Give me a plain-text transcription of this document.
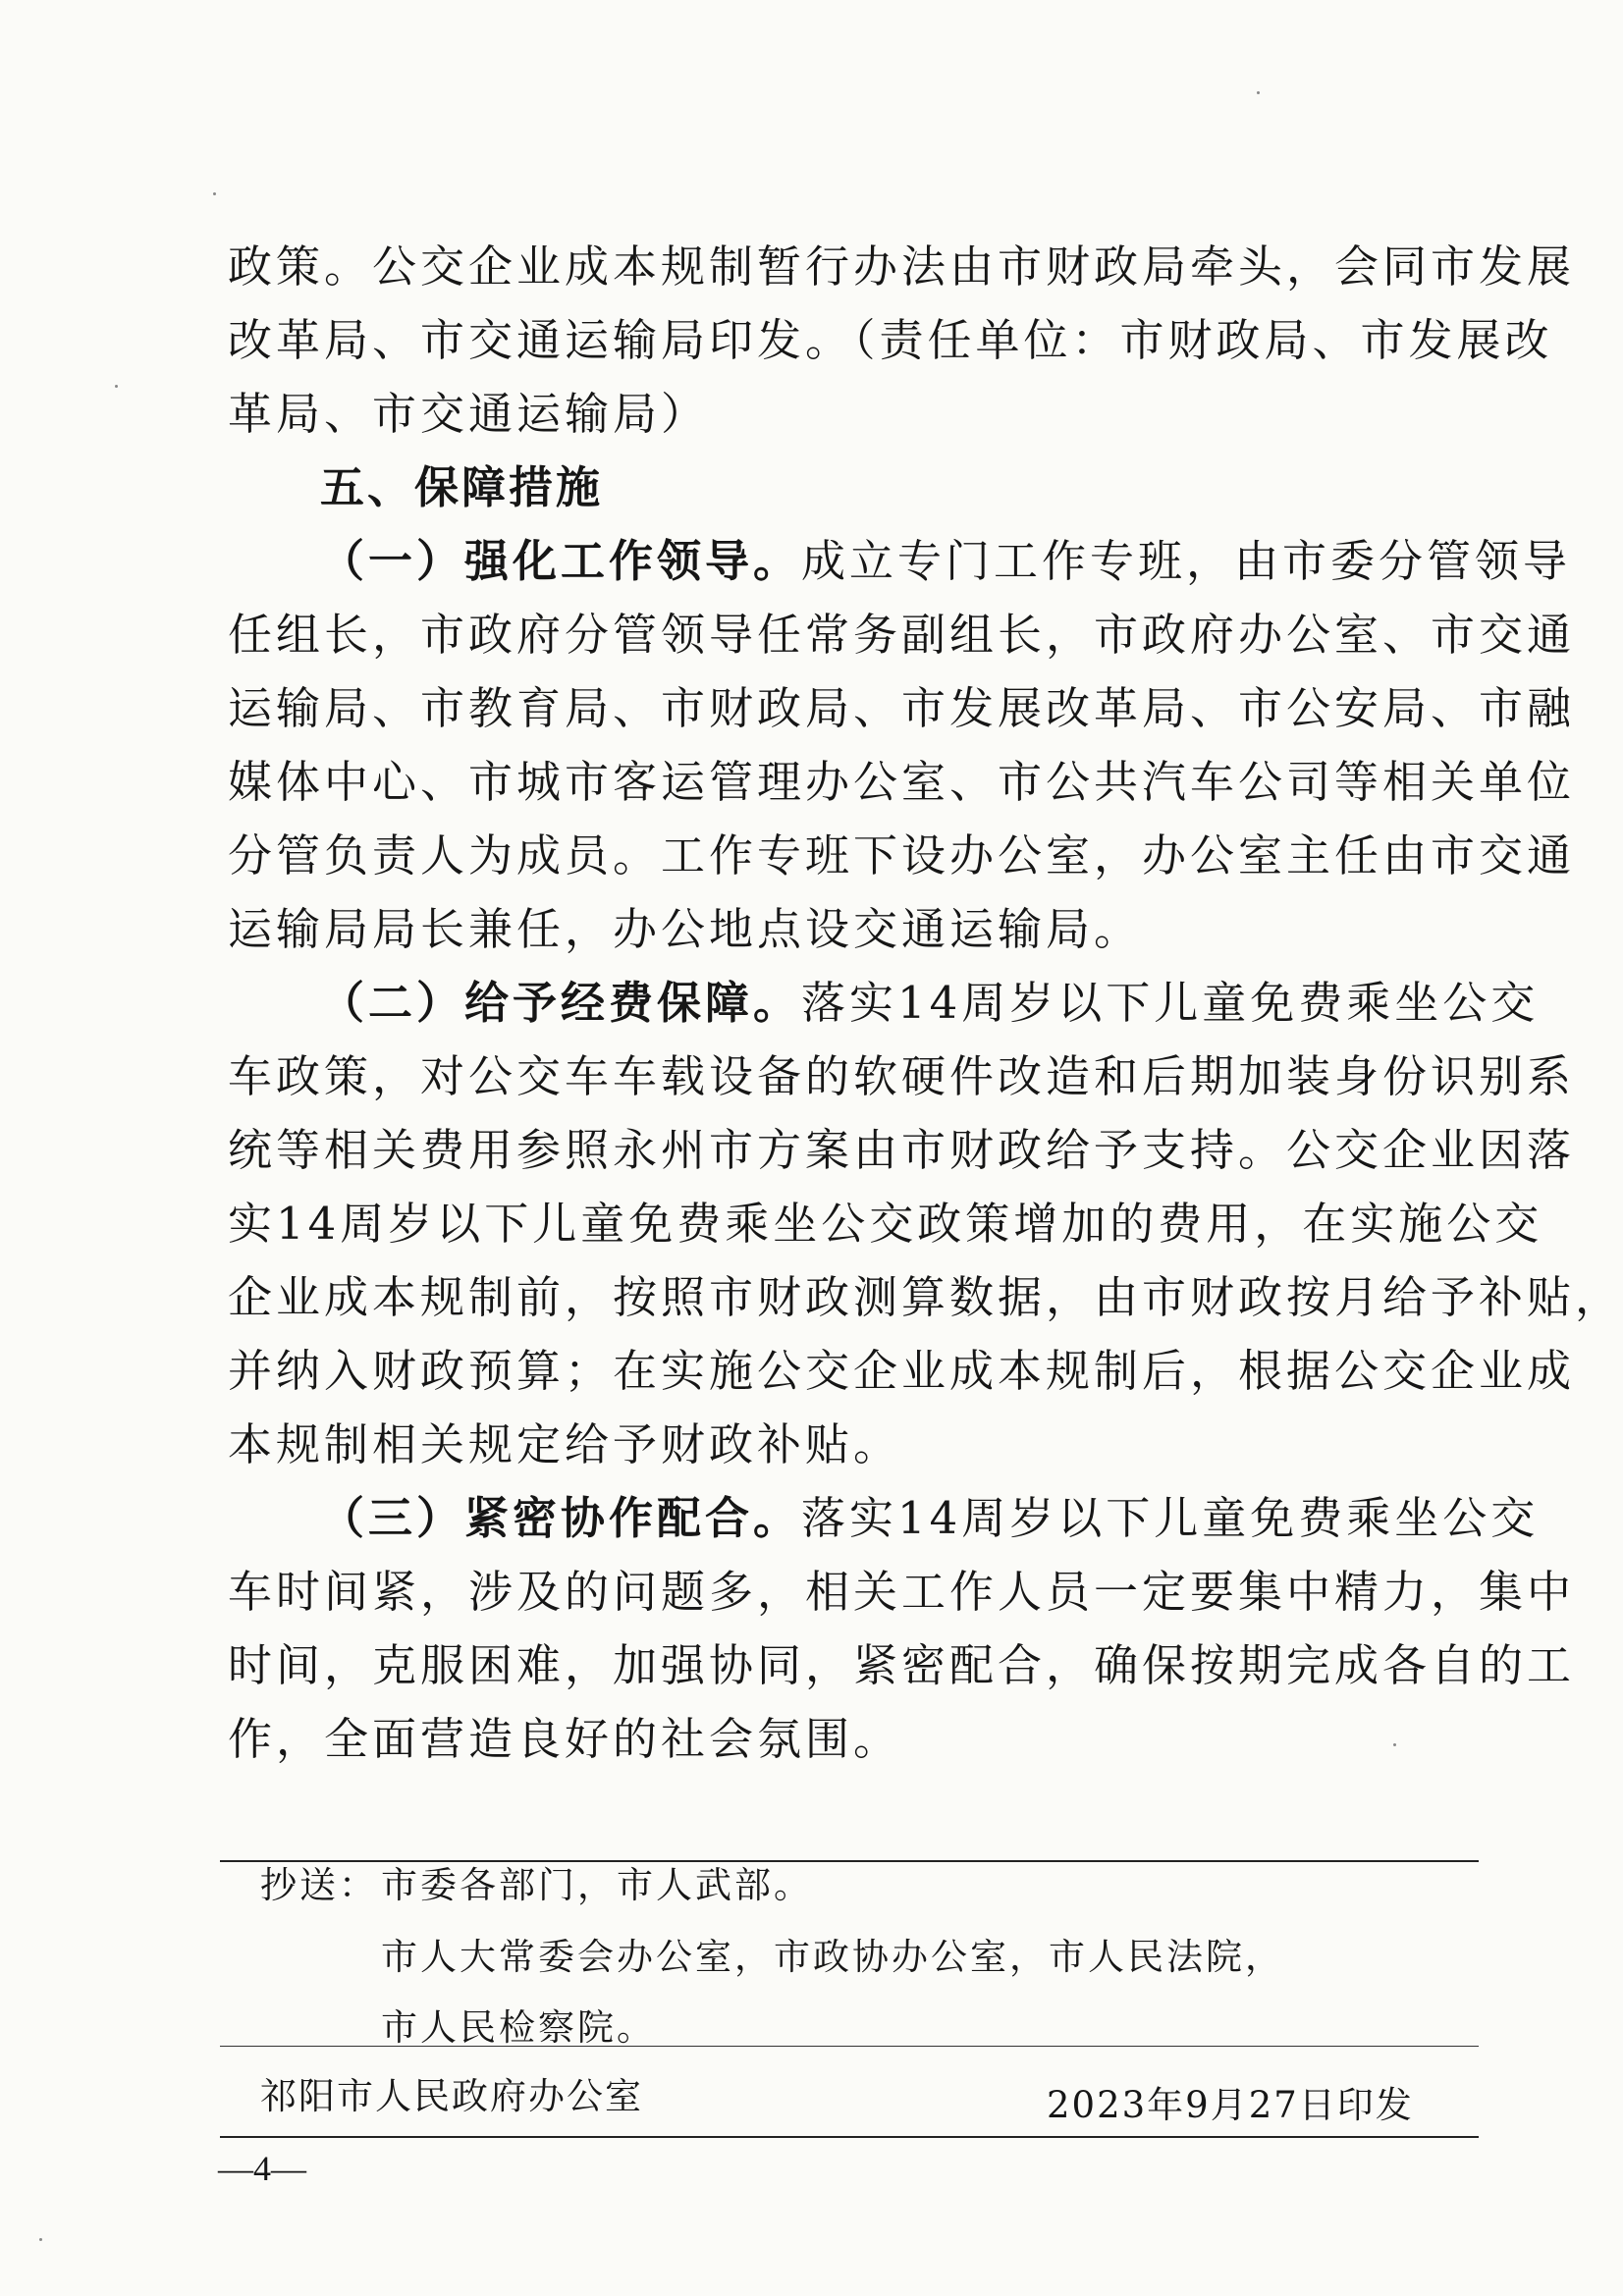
政策。公交企业成本规制暂行办法由市财政局牵头，会同市发展
改革局、市交通运输局印发。（责任单位：市财政局、市发展改
革局、市交通运输局）
五、保障措施
（一）强化工作领导。成立专门工作专班，由市委分管领导
任组长，市政府分管领导任常务副组长，市政府办公室、市交通
运输局、市教育局、市财政局、市发展改革局、市公安局、市融
媒体中心、市城市客运管理办公室、市公共汽车公司等相关单位
分管负责人为成员。工作专班下设办公室，办公室主任由市交通
运输局局长兼任，办公地点设交通运输局。
（二）给予经费保障。落实14周岁以下儿童免费乘坐公交
车政策，对公交车车载设备的软硬件改造和后期加装身份识别系
统等相关费用参照永州市方案由市财政给予支持。公交企业因落
实14周岁以下儿童免费乘坐公交政策增加的费用，在实施公交
企业成本规制前，按照市财政测算数据，由市财政按月给予补贴，
并纳入财政预算；在实施公交企业成本规制后，根据公交企业成
本规制相关规定给予财政补贴。
（三）紧密协作配合。落实14周岁以下儿童免费乘坐公交
车时间紧，涉及的问题多，相关工作人员一定要集中精力，集中
时间，克服困难，加强协同，紧密配合，确保按期完成各自的工
作，全面营造良好的社会氛围。
抄送： 市委各部门，市人武部。
市人大常委会办公室，市政协办公室，市人民法院，
市人民检察院。
祁阳市人民政府办公室	2023年9月27日印发
—4—
